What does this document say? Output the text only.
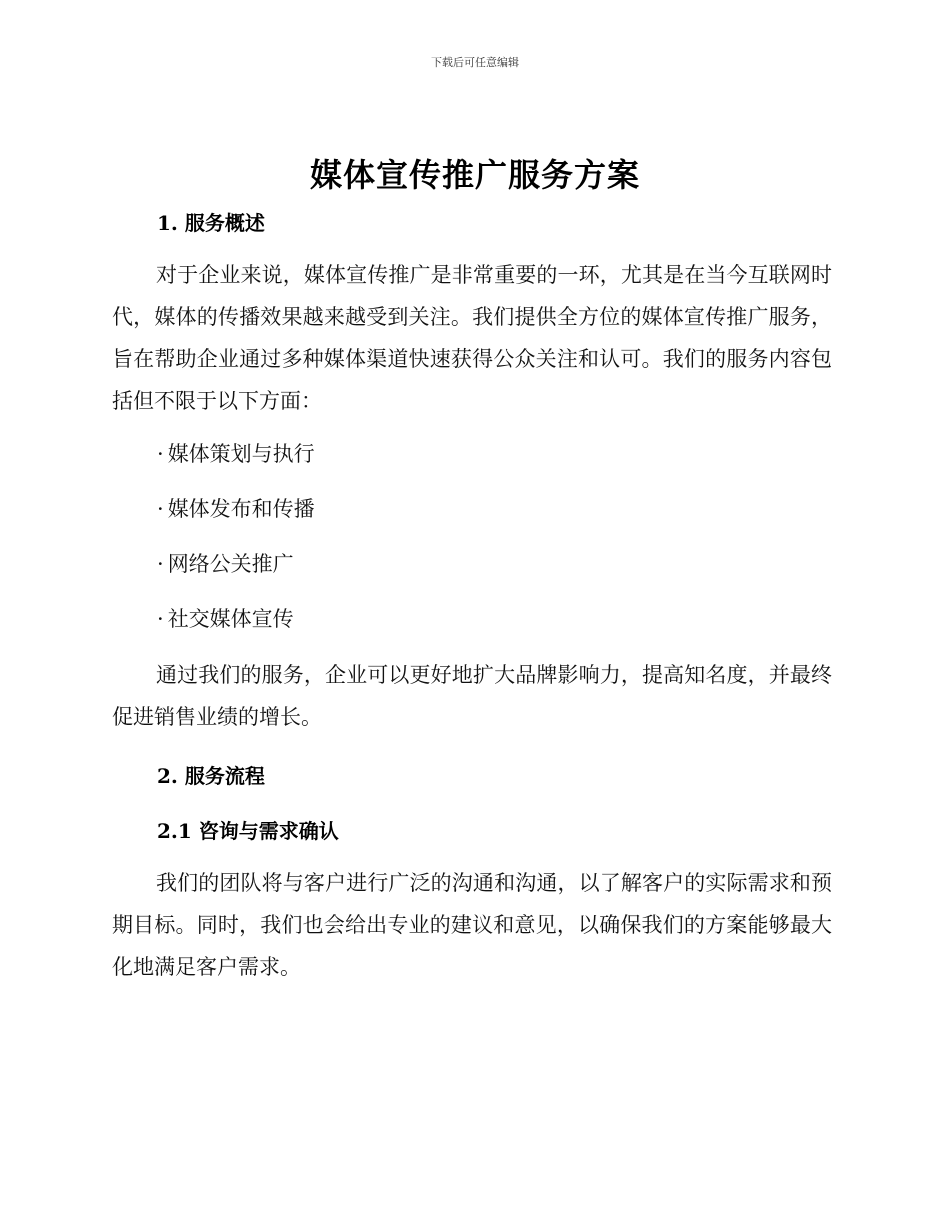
下载后可任意编辑
媒体宣传推广服务方案
1. 服务概述
对于企业来说，媒体宣传推广是非常重要的一环，尤其是在当今互联网时代，媒体的传播效果越来越受到关注。我们提供全方位的媒体宣传推广服务，旨在帮助企业通过多种媒体渠道快速获得公众关注和认可。我们的服务内容包括但不限于以下方面：
· 媒体策划与执行
· 媒体发布和传播
· 网络公关推广
· 社交媒体宣传
通过我们的服务，企业可以更好地扩大品牌影响力，提高知名度，并最终促进销售业绩的增长。
2. 服务流程
2.1 咨询与需求确认
我们的团队将与客户进行广泛的沟通和沟通，以了解客户的实际需求和预期目标。同时，我们也会给出专业的建议和意见，以确保我们的方案能够最大化地满足客户需求。
